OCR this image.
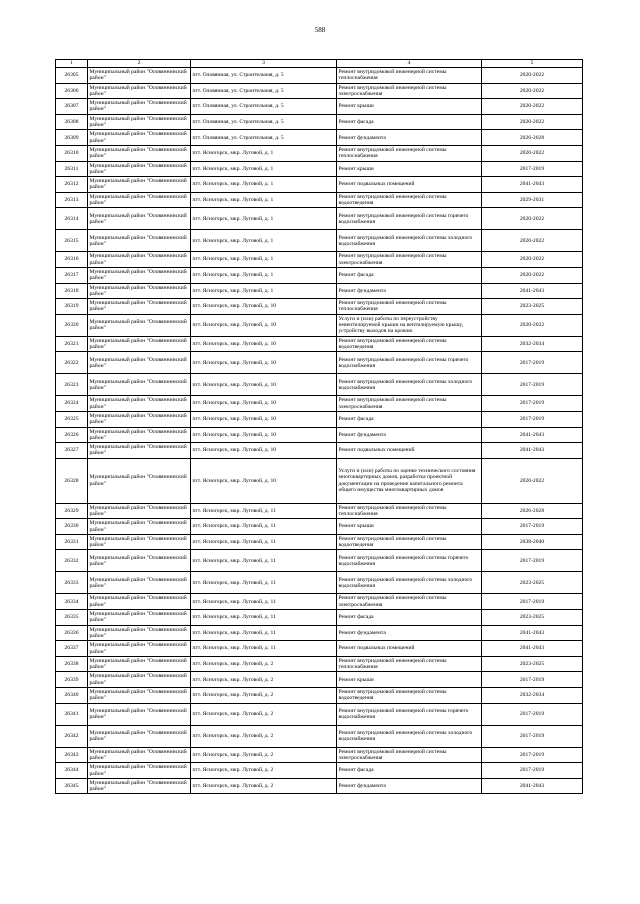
588
1	2	3	4	5
26305	Муниципальный район "Оловяннинский район"	пгт. Оловянная, ул. Строительная, д. 5	Ремонт внутридомовой инженерной системы теплоснабжения	2020-2022
26306	Муниципальный район "Оловяннинский район"	пгт. Оловянная, ул. Строительная, д. 5	Ремонт внутридомовой инженерной системы электроснабжения	2020-2022
26307	Муниципальный район "Оловяннинский район"	пгт. Оловянная, ул. Строительная, д. 5	Ремонт крыши	2020-2022
26308	Муниципальный район "Оловяннинский район"	пгт. Оловянная, ул. Строительная, д. 5	Ремонт фасада	2020-2022
26309	Муниципальный район "Оловяннинский район"	пгт. Оловянная, ул. Строительная, д. 5	Ремонт фундамента	2026-2028
26310	Муниципальный район "Оловяннинский район"	пгт. Ясногорск, мкр. Луговой, д. 1	Ремонт внутридомовой инженерной системы теплоснабжения	2020-2022
26311	Муниципальный район "Оловяннинский район"	пгт. Ясногорск, мкр. Луговой, д. 1	Ремонт крыши	2017-2019
26312	Муниципальный район "Оловяннинский район"	пгт. Ясногорск, мкр. Луговой, д. 1	Ремонт подвальных помещений	2041-2043
26313	Муниципальный район "Оловяннинский район"	пгт. Ясногорск, мкр. Луговой, д. 1	Ремонт внутридомовой инженерной системы водоотведения	2029-2031
26314	Муниципальный район "Оловяннинский район"	пгт. Ясногорск, мкр. Луговой, д. 1	Ремонт внутридомовой инженерной системы горячего водоснабжения	2020-2022
26315	Муниципальный район "Оловяннинский район"	пгт. Ясногорск, мкр. Луговой, д. 1	Ремонт внутридомовой инженерной системы холодного водоснабжения	2020-2022
26316	Муниципальный район "Оловяннинский район"	пгт. Ясногорск, мкр. Луговой, д. 1	Ремонт внутридомовой инженерной системы электроснабжения	2020-2022
26317	Муниципальный район "Оловяннинский район"	пгт. Ясногорск, мкр. Луговой, д. 1	Ремонт фасада	2020-2022
26318	Муниципальный район "Оловяннинский район"	пгт. Ясногорск, мкр. Луговой, д. 1	Ремонт фундамента	2041-2043
26319	Муниципальный район "Оловяннинский район"	пгт. Ясногорск, мкр. Луговой, д. 10	Ремонт внутридомовой инженерной системы теплоснабжения	2023-2025
26320	Муниципальный район "Оловяннинский район"	пгт. Ясногорск, мкр. Луговой, д. 10	Услуги и (или) работы по переустройству невентилируемой крыши на вентилируемую крышу, устройству выходов на кровлю	2020-2022
26321	Муниципальный район "Оловяннинский район"	пгт. Ясногорск, мкр. Луговой, д. 10	Ремонт внутридомовой инженерной системы водоотведения	2032-2034
26322	Муниципальный район "Оловяннинский район"	пгт. Ясногорск, мкр. Луговой, д. 10	Ремонт внутридомовой инженерной системы горячего водоснабжения	2017-2019
26323	Муниципальный район "Оловяннинский район"	пгт. Ясногорск, мкр. Луговой, д. 10	Ремонт внутридомовой инженерной системы холодного водоснабжения	2017-2019
26324	Муниципальный район "Оловяннинский район"	пгт. Ясногорск, мкр. Луговой, д. 10	Ремонт внутридомовой инженерной системы электроснабжения	2017-2019
26325	Муниципальный район "Оловяннинский район"	пгт. Ясногорск, мкр. Луговой, д. 10	Ремонт фасада	2017-2019
26326	Муниципальный район "Оловяннинский район"	пгт. Ясногорск, мкр. Луговой, д. 10	Ремонт фундамента	2041-2043
26327	Муниципальный район "Оловяннинский район"	пгт. Ясногорск, мкр. Луговой, д. 10	Ремонт подвальных помещений	2041-2043
26328	Муниципальный район "Оловяннинский район"	пгт. Ясногорск, мкр. Луговой, д. 10	Услуги и (или) работы по оценке технического состояния многоквартирных домов, разработка проектной документации на проведение капитального ремонта общего имущества многоквартирных домов	2020-2022
26329	Муниципальный район "Оловяннинский район"	пгт. Ясногорск, мкр. Луговой, д. 11	Ремонт внутридомовой инженерной системы теплоснабжения	2026-2028
26330	Муниципальный район "Оловяннинский район"	пгт. Ясногорск, мкр. Луговой, д. 11	Ремонт крыши	2017-2019
26331	Муниципальный район "Оловяннинский район"	пгт. Ясногорск, мкр. Луговой, д. 11	Ремонт внутридомовой инженерной системы водоотведения	2038-2040
26332	Муниципальный район "Оловяннинский район"	пгт. Ясногорск, мкр. Луговой, д. 11	Ремонт внутридомовой инженерной системы горячего водоснабжения	2017-2019
26333	Муниципальный район "Оловяннинский район"	пгт. Ясногорск, мкр. Луговой, д. 11	Ремонт внутридомовой инженерной системы холодного водоснабжения	2023-2025
26334	Муниципальный район "Оловяннинский район"	пгт. Ясногорск, мкр. Луговой, д. 11	Ремонт внутридомовой инженерной системы электроснабжения	2017-2019
26335	Муниципальный район "Оловяннинский район"	пгт. Ясногорск, мкр. Луговой, д. 11	Ремонт фасада	2023-2025
26336	Муниципальный район "Оловяннинский район"	пгт. Ясногорск, мкр. Луговой, д. 11	Ремонт фундамента	2041-2043
26337	Муниципальный район "Оловяннинский район"	пгт. Ясногорск, мкр. Луговой, д. 11	Ремонт подвальных помещений	2041-2043
26338	Муниципальный район "Оловяннинский район"	пгт. Ясногорск, мкр. Луговой, д. 2	Ремонт внутридомовой инженерной системы теплоснабжения	2023-2025
26339	Муниципальный район "Оловяннинский район"	пгт. Ясногорск, мкр. Луговой, д. 2	Ремонт крыши	2017-2019
26340	Муниципальный район "Оловяннинский район"	пгт. Ясногорск, мкр. Луговой, д. 2	Ремонт внутридомовой инженерной системы водоотведения	2032-2034
26341	Муниципальный район "Оловяннинский район"	пгт. Ясногорск, мкр. Луговой, д. 2	Ремонт внутридомовой инженерной системы горячего водоснабжения	2017-2019
26342	Муниципальный район "Оловяннинский район"	пгт. Ясногорск, мкр. Луговой, д. 2	Ремонт внутридомовой инженерной системы холодного водоснабжения	2017-2019
26343	Муниципальный район "Оловяннинский район"	пгт. Ясногорск, мкр. Луговой, д. 2	Ремонт внутридомовой инженерной системы электроснабжения	2017-2019
26344	Муниципальный район "Оловяннинский район"	пгт. Ясногорск, мкр. Луговой, д. 2	Ремонт фасада	2017-2019
26345	Муниципальный район "Оловяннинский район"	пгт. Ясногорск, мкр. Луговой, д. 2	Ремонт фундамента	2041-2043
